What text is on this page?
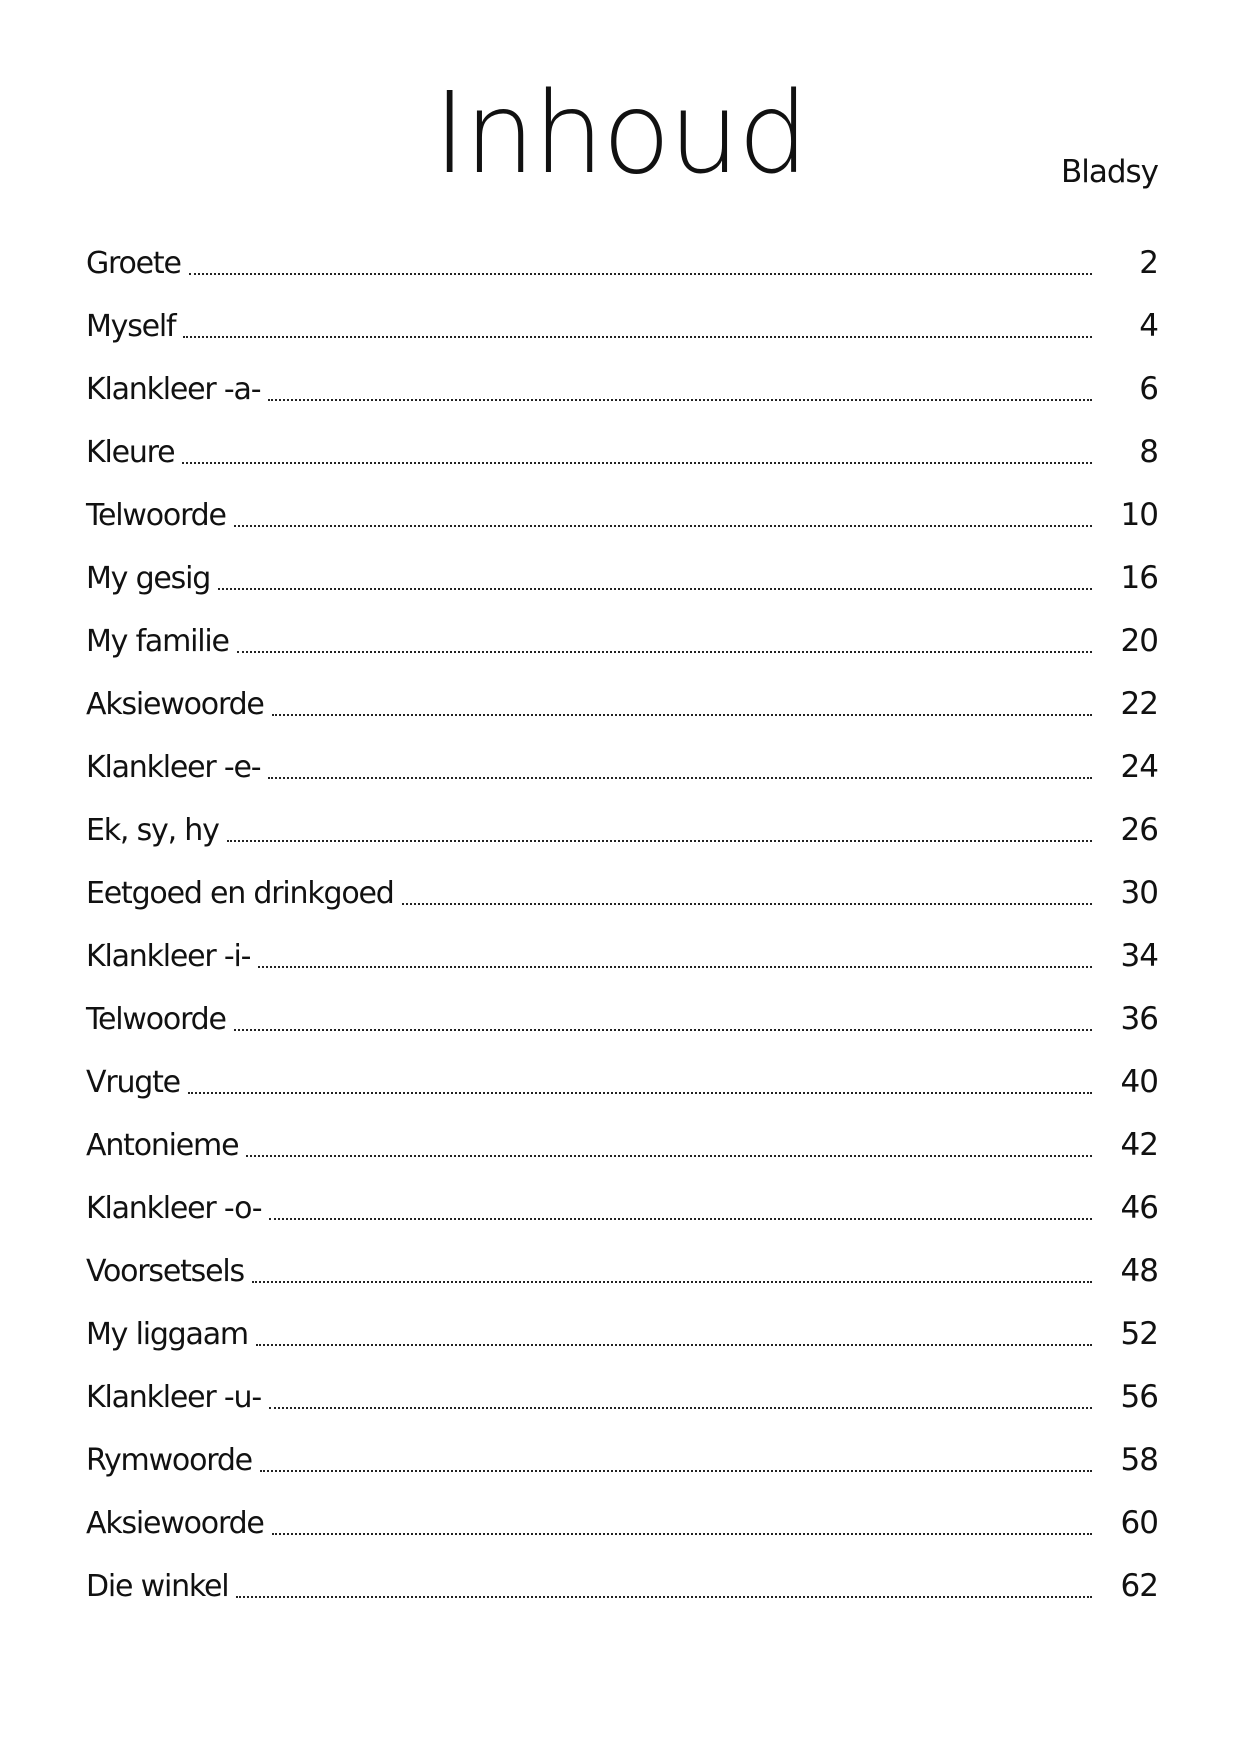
Inhoud	Bladsy
Groete	2
Myself	4
Klankleer -a-	6
Kleure	8
Telwoorde	10
My gesig	16
My familie	20
Aksiewoorde	22
Klankleer -e-	24
Ek, sy, hy	26
Eetgoed en drinkgoed	30
Klankleer -i-	34
Telwoorde	36
Vrugte	40
Antonieme	42
Klankleer -o-	46
Voorsetsels	48
My liggaam	52
Klankleer -u-	56
Rymwoorde	58
Aksiewoorde	60
Die winkel	62
